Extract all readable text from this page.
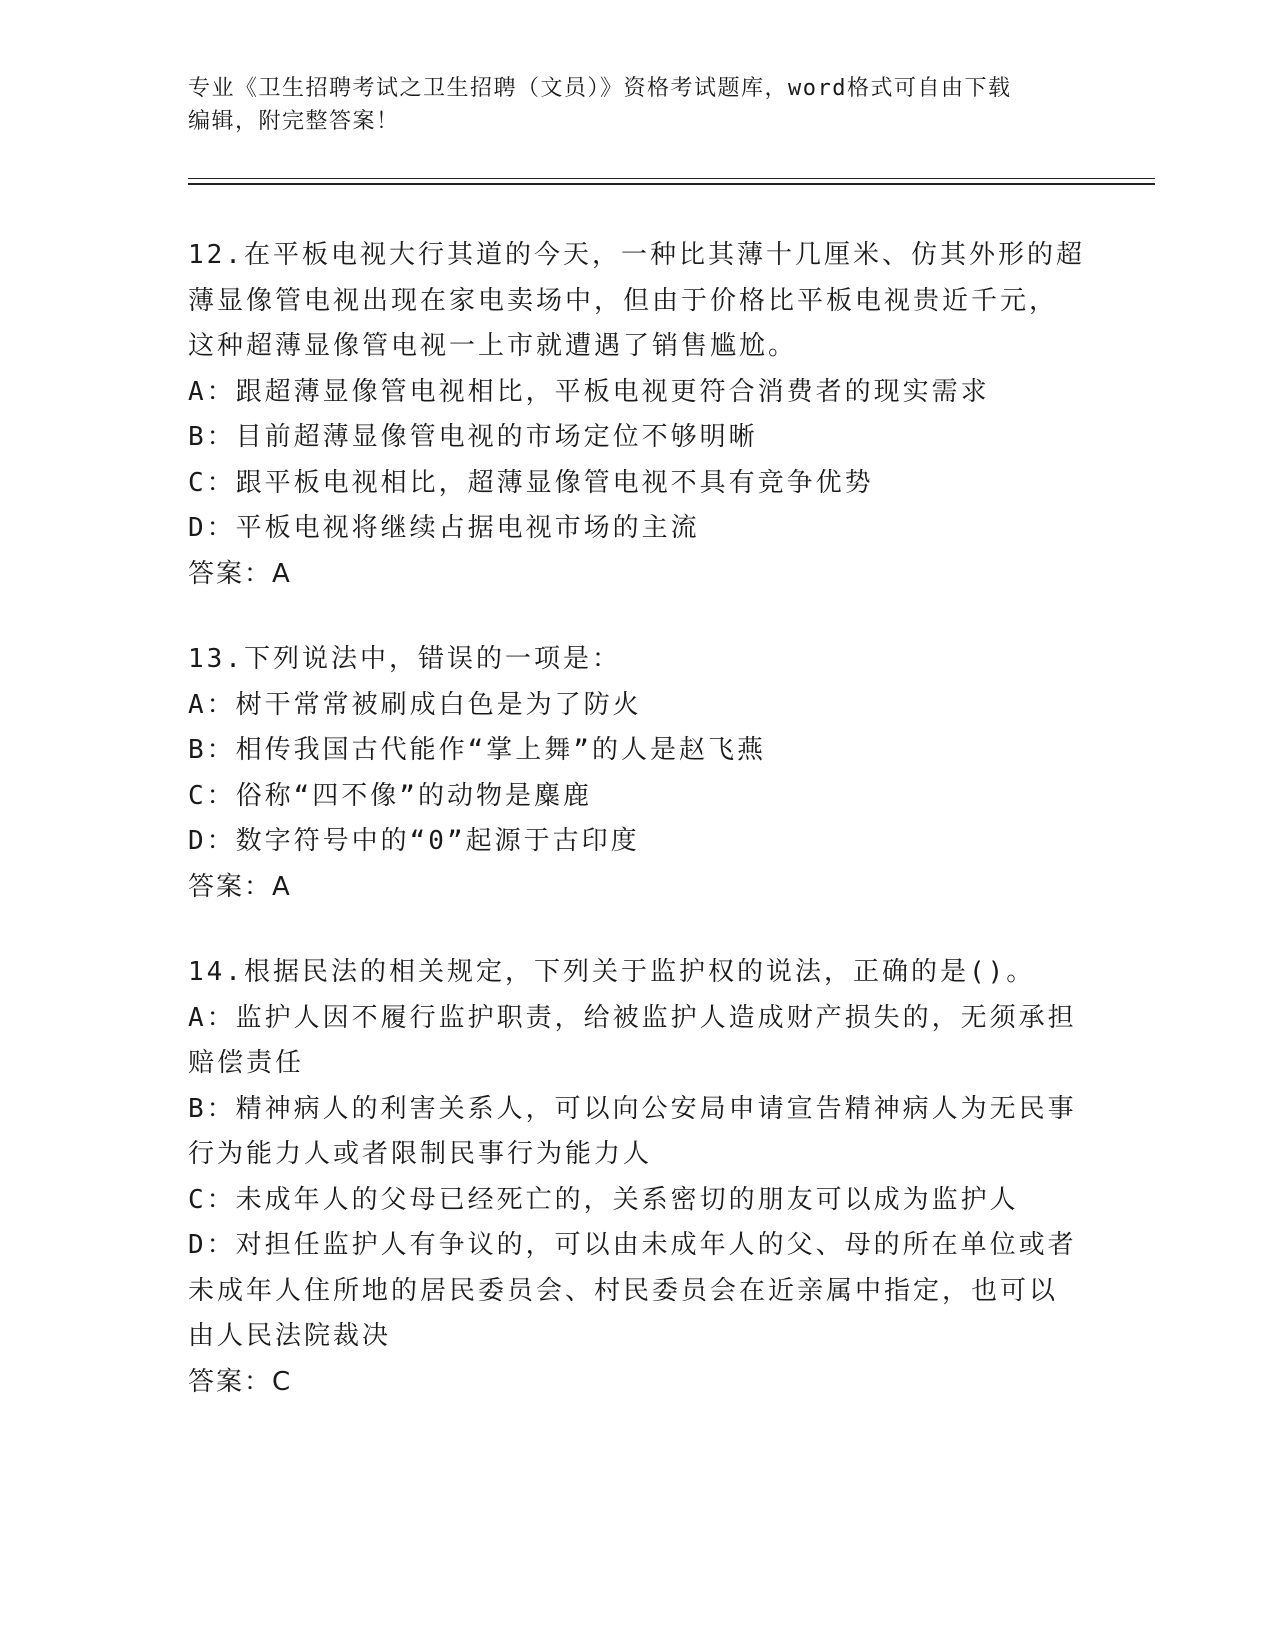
专业《卫生招聘考试之卫生招聘（文员）》资格考试题库，word格式可自由下载
编辑，附完整答案！
12.在平板电视大行其道的今天，一种比其薄十几厘米、仿其外形的超
薄显像管电视出现在家电卖场中，但由于价格比平板电视贵近千元，
这种超薄显像管电视一上市就遭遇了销售尴尬。
A：跟超薄显像管电视相比，平板电视更符合消费者的现实需求
B：目前超薄显像管电视的市场定位不够明晰
C：跟平板电视相比，超薄显像管电视不具有竞争优势
D：平板电视将继续占据电视市场的主流
答案：A
13.下列说法中，错误的一项是：
A：树干常常被刷成白色是为了防火
B：相传我国古代能作“掌上舞”的人是赵飞燕
C：俗称“四不像”的动物是麋鹿
D：数字符号中的“0”起源于古印度
答案：A
14.根据民法的相关规定，下列关于监护权的说法，正确的是()。
A：监护人因不履行监护职责，给被监护人造成财产损失的，无须承担
赔偿责任
B：精神病人的利害关系人，可以向公安局申请宣告精神病人为无民事
行为能力人或者限制民事行为能力人
C：未成年人的父母已经死亡的，关系密切的朋友可以成为监护人
D：对担任监护人有争议的，可以由未成年人的父、母的所在单位或者
未成年人住所地的居民委员会、村民委员会在近亲属中指定，也可以
由人民法院裁决
答案：C
